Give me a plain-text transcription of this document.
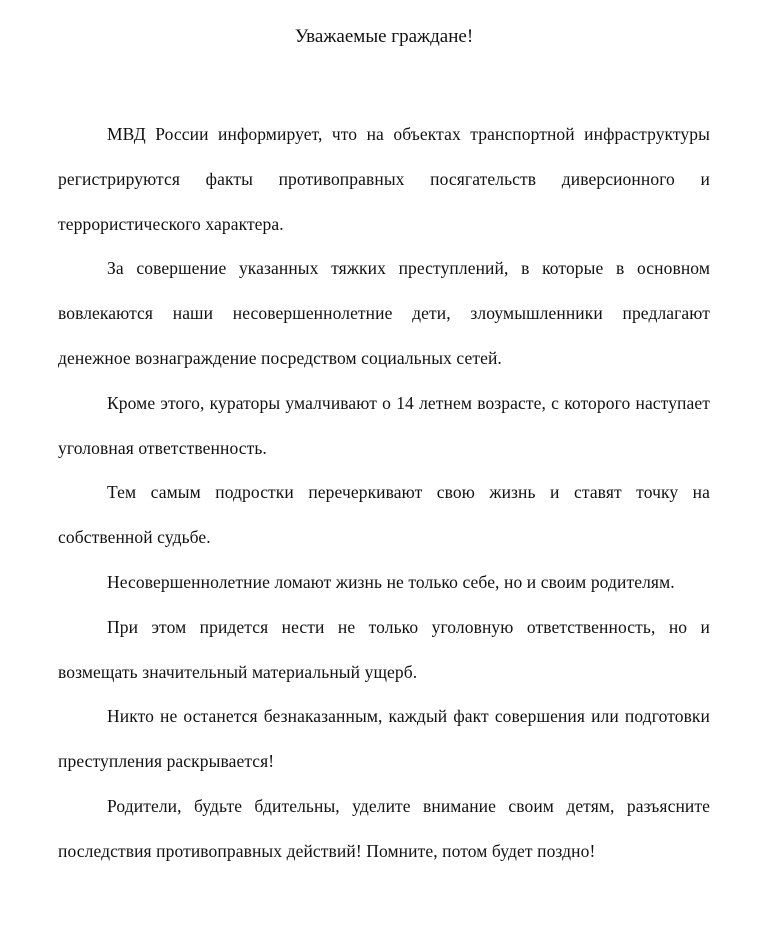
Уважаемые граждане!

МВД России информирует, что на объектах транспортной инфраструктуры регистрируются факты противоправных посягательств диверсионного и террористического характера.

За совершение указанных тяжких преступлений, в которые в основном вовлекаются наши несовершеннолетние дети, злоумышленники предлагают денежное вознаграждение посредством социальных сетей.

Кроме этого, кураторы умалчивают о 14 летнем возрасте, с которого наступает уголовная ответственность.

Тем самым подростки перечеркивают свою жизнь и ставят точку на собственной судьбе.

Несовершеннолетние ломают жизнь не только себе, но и своим родителям.

При этом придется нести не только уголовную ответственность, но и возмещать значительный материальный ущерб.

Никто не останется безнаказанным, каждый факт совершения или подготовки преступления раскрывается!

Родители, будьте бдительны, уделите внимание своим детям, разъясните последствия противоправных действий! Помните, потом будет поздно!
